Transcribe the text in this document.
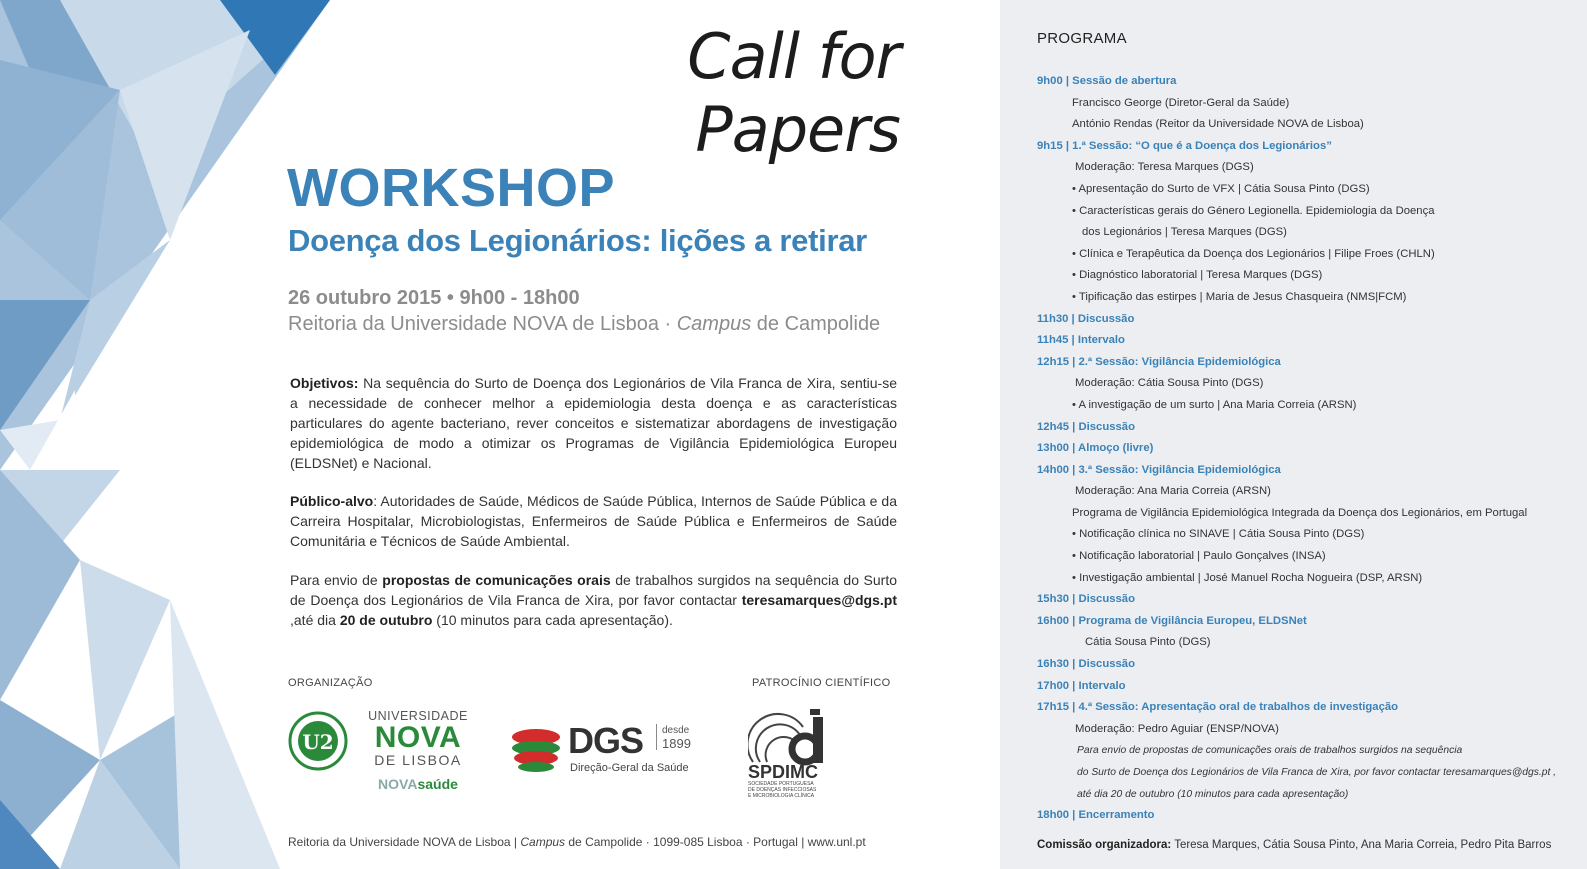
Call for Papers
WORKSHOP
Doença dos Legionários: lições a retirar
26 outubro 2015 • 9h00 - 18h00
Reitoria da Universidade NOVA de Lisboa · Campus de Campolide

Objetivos: Na sequência do Surto de Doença dos Legionários de Vila Franca de Xira, sentiu-se a necessidade de conhecer melhor a epidemiologia desta doença e as características particulares do agente bacteriano, rever conceitos e sistematizar abordagens de investigação epidemiológica de modo a otimizar os Programas de Vigilância Epidemiológica Europeu (ELDSNet) e Nacional.

Público-alvo: Autoridades de Saúde, Médicos de Saúde Pública, Internos de Saúde Pública e da Carreira Hospitalar, Microbiologistas, Enfermeiros de Saúde Pública e Enfermeiros de Saúde Comunitária e Técnicos de Saúde Ambiental.

Para envio de propostas de comunicações orais de trabalhos surgidos na sequência do Surto de Doença dos Legionários de Vila Franca de Xira, por favor contactar teresamarques@dgs.pt ,até dia 20 de outubro (10 minutos para cada apresentação).

ORGANIZAÇÃO	PATROCÍNIO CIENTÍFICO
U2
UNIVERSIDADE
NOVA
DE LISBOA
NOVAsaúde
DGS desde
1899
Direção-Geral da Saúde	SPDIMC
SOCIEDADE PORTUGUESA
DE DOENÇAS INFECCIOSAS
E MICROBIOLOGIA CLÍNICA
Reitoria da Universidade NOVA de Lisboa | Campus de Campolide · 1099-085 Lisboa · Portugal | www.unl.pt
PROGRAMA
9h00 | Sessão de abertura
Francisco George (Diretor-Geral da Saúde)
António Rendas (Reitor da Universidade NOVA de Lisboa)
9h15 | 1.ª Sessão: “O que é a Doença dos Legionários”
Moderação: Teresa Marques (DGS)
• Apresentação do Surto de VFX | Cátia Sousa Pinto (DGS)
• Características gerais do Género Legionella. Epidemiologia da Doença
dos Legionários | Teresa Marques (DGS)
• Clínica e Terapêutica da Doença dos Legionários | Filipe Froes (CHLN)
• Diagnóstico laboratorial | Teresa Marques (DGS)
• Tipificação das estirpes | Maria de Jesus Chasqueira (NMS|FCM)
11h30 | Discussão
11h45 | Intervalo
12h15 | 2.ª Sessão: Vigilância Epidemiológica
Moderação: Cátia Sousa Pinto (DGS)
• A investigação de um surto | Ana Maria Correia (ARSN)
12h45 | Discussão
13h00 | Almoço (livre)
14h00 | 3.ª Sessão: Vigilância Epidemiológica
Moderação: Ana Maria Correia (ARSN)
Programa de Vigilância Epidemiológica Integrada da Doença dos Legionários, em Portugal
• Notificação clínica no SINAVE | Cátia Sousa Pinto (DGS)
• Notificação laboratorial | Paulo Gonçalves (INSA)
• Investigação ambiental | José Manuel Rocha Nogueira (DSP, ARSN)
15h30 | Discussão
16h00 | Programa de Vigilância Europeu, ELDSNet
Cátia Sousa Pinto (DGS)
16h30 | Discussão
17h00 | Intervalo
17h15 | 4.ª Sessão: Apresentação oral de trabalhos de investigação
Moderação: Pedro Aguiar (ENSP/NOVA)
Para envio de propostas de comunicações orais de trabalhos surgidos na sequência
do Surto de Doença dos Legionários de Vila Franca de Xira, por favor contactar teresamarques@dgs.pt ,
até dia 20 de outubro (10 minutos para cada apresentação)
18h00 | Encerramento
Comissão organizadora: Teresa Marques, Cátia Sousa Pinto, Ana Maria Correia, Pedro Pita Barros
